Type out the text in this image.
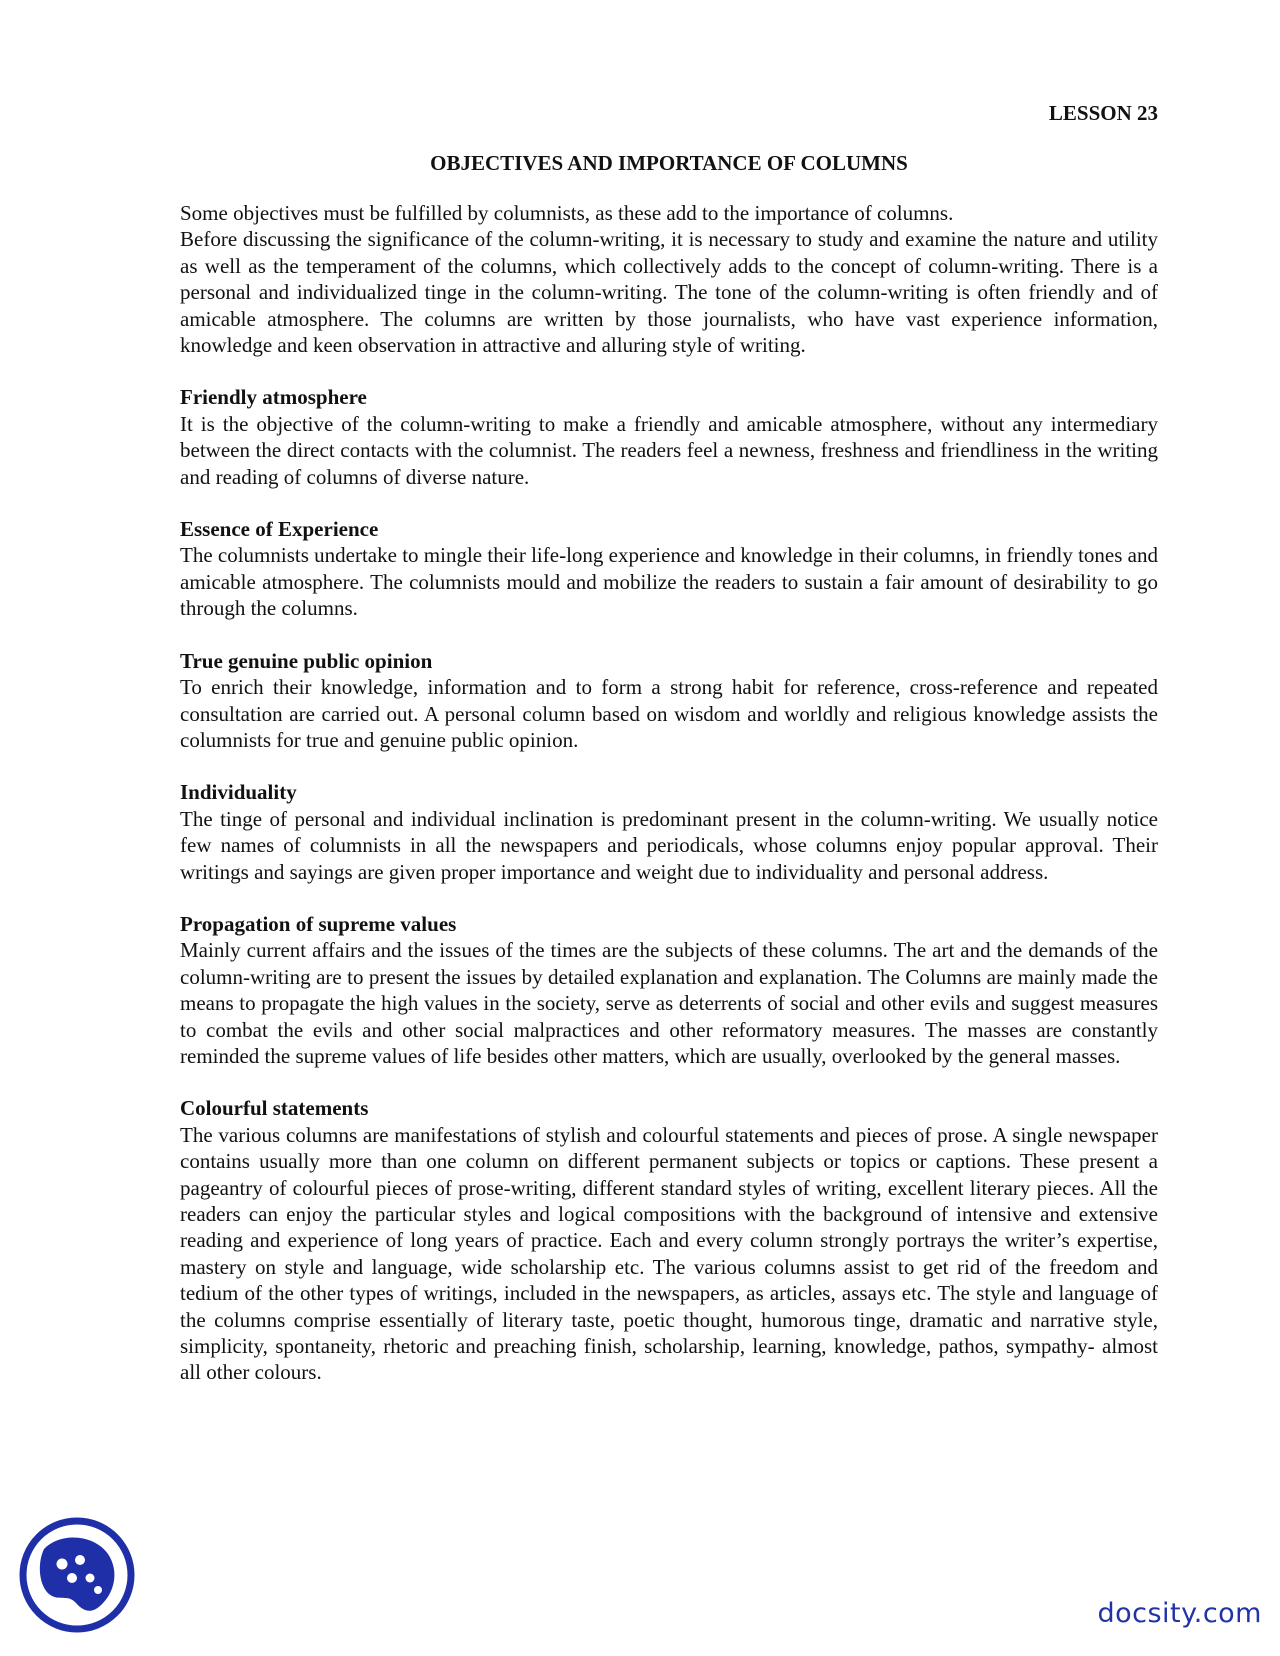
LESSON 23

OBJECTIVES AND IMPORTANCE OF COLUMNS

Some objectives must be fulfilled by columnists, as these add to the importance of columns.

Before discussing the significance of the column-writing, it is necessary to study and examine the nature and utility as well as the temperament of the columns, which collectively adds to the concept of column-writing. There is a personal and individualized tinge in the column-writing. The tone of the column-writing is often friendly and of amicable atmosphere. The columns are written by those journalists, who have vast experience information, knowledge and keen observation in attractive and alluring style of writing.

Friendly atmosphere

It is the objective of the column-writing to make a friendly and amicable atmosphere, without any intermediary between the direct contacts with the columnist. The readers feel a newness, freshness and friendliness in the writing and reading of columns of diverse nature.

Essence of Experience

The columnists undertake to mingle their life-long experience and knowledge in their columns, in friendly tones and amicable atmosphere. The columnists mould and mobilize the readers to sustain a fair amount of desirability to go through the columns.

True genuine public opinion

To enrich their knowledge, information and to form a strong habit for reference, cross-reference and repeated consultation are carried out. A personal column based on wisdom and worldly and religious knowledge assists the columnists for true and genuine public opinion.

Individuality

The tinge of personal and individual inclination is predominant present in the column-writing. We usually notice few names of columnists in all the newspapers and periodicals, whose columns enjoy popular approval. Their writings and sayings are given proper importance and weight due to individuality and personal address.

Propagation of supreme values

Mainly current affairs and the issues of the times are the subjects of these columns. The art and the demands of the column-writing are to present the issues by detailed explanation and explanation. The Columns are mainly made the means to propagate the high values in the society, serve as deterrents of social and other evils and suggest measures to combat the evils and other social malpractices and other reformatory measures. The masses are constantly reminded the supreme values of life besides other matters, which are usually, overlooked by the general masses.

Colourful statements

The various columns are manifestations of stylish and colourful statements and pieces of prose. A single newspaper contains usually more than one column on different permanent subjects or topics or captions. These present a pageantry of colourful pieces of prose-writing, different standard styles of writing, excellent literary pieces. All the readers can enjoy the particular styles and logical compositions with the background of intensive and extensive reading and experience of long years of practice. Each and every column strongly portrays the writer’s expertise, mastery on style and language, wide scholarship etc. The various columns assist to get rid of the freedom and tedium of the other types of writings, included in the newspapers, as articles, assays etc. The style and language of the columns comprise essentially of literary taste, poetic thought, humorous tinge, dramatic and narrative style, simplicity, spontaneity, rhetoric and preaching finish, scholarship, learning, knowledge, pathos, sympathy- almost all other colours.

docsity.com
